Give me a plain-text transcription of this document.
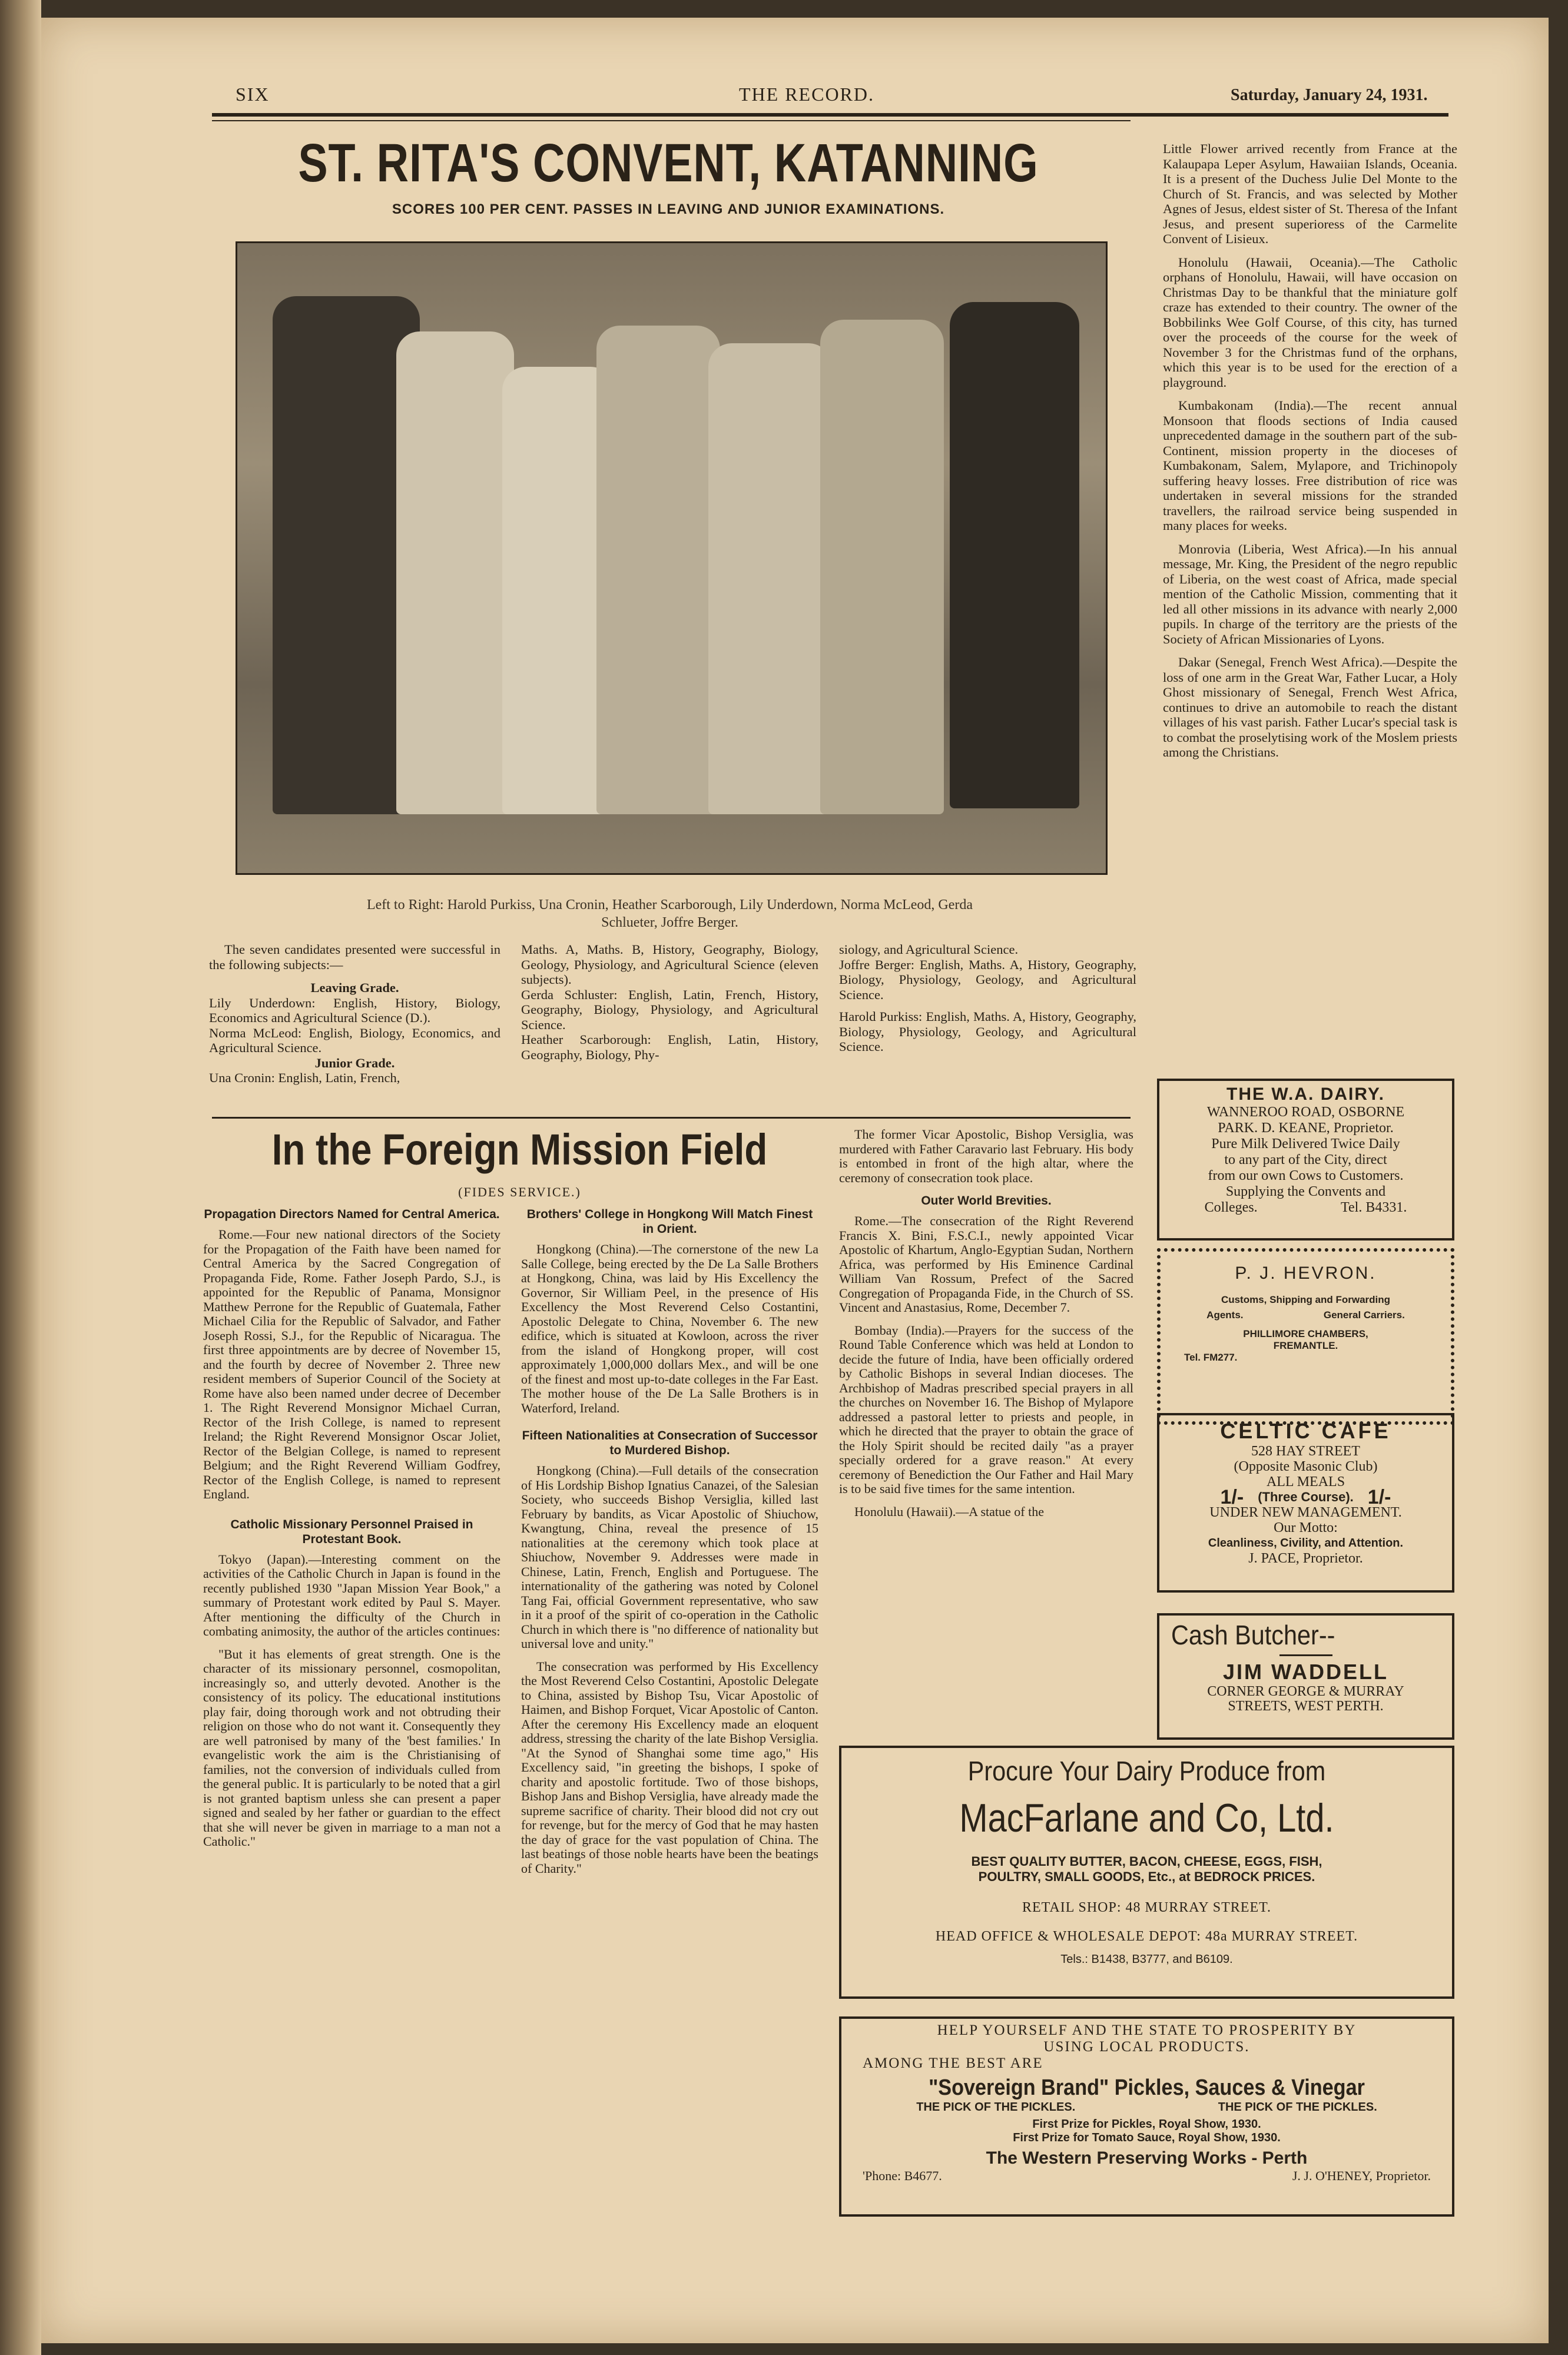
SIX	THE RECORD.	Saturday, January 24, 1931.
ST. RITA'S CONVENT, KATANNING
SCORES 100 PER CENT. PASSES IN LEAVING AND JUNIOR EXAMINATIONS.
Left to Right: Harold Purkiss, Una Cronin, Heather Scarborough, Lily Underdown, Norma McLeod, Gerda
Schlueter, Joffre Berger.

The seven candidates presented were successful in the following subjects:—

Leaving Grade.
Lily Underdown: English, History, Biology, Economics and Agricultural Science (D.).
Norma McLeod: English, Biology, Economics, and Agricultural Science.
Junior Grade.
Una Cronin: English, Latin, French,
Maths. A, Maths. B, History, Geography, Biology, Geology, Physiology, and Agricultural Science (eleven subjects).
Gerda Schluster: English, Latin, French, History, Geography, Biology, Physiology, and Agricultural Science.
Heather Scarborough: English, Latin, History, Geography, Biology, Phy-
siology, and Agricultural Science.
Joffre Berger: English, Maths. A, History, Geography, Biology, Physiology, Geology, and Agricultural Science.
Harold Purkiss: English, Maths. A, History, Geography, Biology, Physiology, Geology, and Agricultural Science.

Little Flower arrived recently from France at the Kalaupapa Leper Asylum, Hawaiian Islands, Oceania. It is a present of the Duchess Julie Del Monte to the Church of St. Francis, and was selected by Mother Agnes of Jesus, eldest sister of St. Theresa of the Infant Jesus, and present superioress of the Carmelite Convent of Lisieux.

Honolulu (Hawaii, Oceania).—The Catholic orphans of Honolulu, Hawaii, will have occasion on Christmas Day to be thankful that the miniature golf craze has extended to their country. The owner of the Bobbilinks Wee Golf Course, of this city, has turned over the proceeds of the course for the week of November 3 for the Christmas fund of the orphans, which this year is to be used for the erection of a playground.

Kumbakonam (India).—The recent annual Monsoon that floods sections of India caused unprecedented damage in the southern part of the sub-Continent, mission property in the dioceses of Kumbakonam, Salem, Mylapore, and Trichinopoly suffering heavy losses. Free distribution of rice was undertaken in several missions for the stranded travellers, the railroad service being suspended in many places for weeks.

Monrovia (Liberia, West Africa).—In his annual message, Mr. King, the President of the negro republic of Liberia, on the west coast of Africa, made special mention of the Catholic Mission, commenting that it led all other missions in its advance with nearly 2,000 pupils. In charge of the territory are the priests of the Society of African Missionaries of Lyons.

Dakar (Senegal, French West Africa).—Despite the loss of one arm in the Great War, Father Lucar, a Holy Ghost missionary of Senegal, French West Africa, continues to drive an automobile to reach the distant villages of his vast parish. Father Lucar's special task is to combat the proselytising work of the Moslem priests among the Christians.

In the Foreign Mission Field
(FIDES SERVICE.)
Propagation Directors Named for Central America.

Rome.—Four new national directors of the Society for the Propagation of the Faith have been named for Central America by the Sacred Congregation of Propaganda Fide, Rome. Father Joseph Pardo, S.J., is appointed for the Republic of Panama, Monsignor Matthew Perrone for the Republic of Guatemala, Father Michael Cilia for the Republic of Salvador, and Father Joseph Rossi, S.J., for the Republic of Nicaragua. The first three appointments are by decree of November 15, and the fourth by decree of November 2. Three new resident members of Superior Council of the Society at Rome have also been named under decree of December 1. The Right Reverend Monsignor Michael Curran, Rector of the Irish College, is named to represent Ireland; the Right Reverend Monsignor Oscar Joliet, Rector of the Belgian College, is named to represent Belgium; and the Right Reverend William Godfrey, Rector of the English College, is named to represent England.

Catholic Missionary Personnel Praised in Protestant Book.

Tokyo (Japan).—Interesting comment on the activities of the Catholic Church in Japan is found in the recently published 1930 "Japan Mission Year Book," a summary of Protestant work edited by Paul S. Mayer. After mentioning the difficulty of the Church in combating animosity, the author of the articles continues:

"But it has elements of great strength. One is the character of its missionary personnel, cosmopolitan, increasingly so, and utterly devoted. Another is the consistency of its policy. The educational institutions play fair, doing thorough work and not obtruding their religion on those who do not want it. Consequently they are well patronised by many of the 'best families.' In evangelistic work the aim is the Christianising of families, not the conversion of individuals culled from the general public. It is particularly to be noted that a girl is not granted baptism unless she can present a paper signed and sealed by her father or guardian to the effect that she will never be given in marriage to a man not a Catholic."

Brothers' College in Hongkong Will Match Finest in Orient.

Hongkong (China).—The cornerstone of the new La Salle College, being erected by the De La Salle Brothers at Hongkong, China, was laid by His Excellency the Governor, Sir William Peel, in the presence of His Excellency the Most Reverend Celso Costantini, Apostolic Delegate to China, November 6. The new edifice, which is situated at Kowloon, across the river from the island of Hongkong proper, will cost approximately 1,000,000 dollars Mex., and will be one of the finest and most up-to-date colleges in the Far East. The mother house of the De La Salle Brothers is in Waterford, Ireland.

Fifteen Nationalities at Consecration of Successor to Murdered Bishop.

Hongkong (China).—Full details of the consecration of His Lordship Bishop Ignatius Canazei, of the Salesian Society, who succeeds Bishop Versiglia, killed last February by bandits, as Vicar Apostolic of Shiuchow, Kwangtung, China, reveal the presence of 15 nationalities at the ceremony which took place at Shiuchow, November 9. Addresses were made in Chinese, Latin, French, English and Portuguese. The internationality of the gathering was noted by Colonel Tang Fai, official Government representative, who saw in it a proof of the spirit of co-operation in the Catholic Church in which there is "no difference of nationality but universal love and unity."

The consecration was performed by His Excellency the Most Reverend Celso Costantini, Apostolic Delegate to China, assisted by Bishop Tsu, Vicar Apostolic of Haimen, and Bishop Forquet, Vicar Apostolic of Canton. After the ceremony His Excellency made an eloquent address, stressing the charity of the late Bishop Versiglia. "At the Synod of Shanghai some time ago," His Excellency said, "in greeting the bishops, I spoke of charity and apostolic fortitude. Two of those bishops, Bishop Jans and Bishop Versiglia, have already made the supreme sacrifice of charity. Their blood did not cry out for revenge, but for the mercy of God that he may hasten the day of grace for the vast population of China. The last beatings of those noble hearts have been the beatings of Charity."

The former Vicar Apostolic, Bishop Versiglia, was murdered with Father Caravario last February. His body is entombed in front of the high altar, where the ceremony of consecration took place.

Outer World Brevities.

Rome.—The consecration of the Right Reverend Francis X. Bini, F.S.C.I., newly appointed Vicar Apostolic of Khartum, Anglo-Egyptian Sudan, Northern Africa, was performed by His Eminence Cardinal William Van Rossum, Prefect of the Sacred Congregation of Propaganda Fide, in the Church of SS. Vincent and Anastasius, Rome, December 7.

Bombay (India).—Prayers for the success of the Round Table Conference which was held at London to decide the future of India, have been officially ordered by Catholic Bishops in several Indian dioceses. The Archbishop of Madras prescribed special prayers in all the churches on November 16. The Bishop of Mylapore addressed a pastoral letter to priests and people, in which he directed that the prayer to obtain the grace of the Holy Spirit should be recited daily "as a prayer specially ordered for a grave reason." At every ceremony of Benediction the Our Father and Hail Mary is to be said five times for the same intention.

Honolulu (Hawaii).—A statue of the

THE W.A. DAIRY.
WANNEROO ROAD, OSBORNE
PARK. D. KEANE, Proprietor.
Pure Milk Delivered Twice Daily
to any part of the City, direct
from our own Cows to Customers.
Supplying the Convents and
Colleges.	Tel. B4331.
P. J. HEVRON.
Customs, Shipping and Forwarding
Agents.	General Carriers.
PHILLIMORE CHAMBERS,
FREMANTLE.
Tel. FM277.
CELTIC CAFE
528 HAY STREET
(Opposite Masonic Club)
ALL MEALS
1/- (Three Course). 1/-
UNDER NEW MANAGEMENT.
Our Motto:
Cleanliness, Civility, and Attention.
J. PACE, Proprietor.
Cash Butcher--
JIM WADDELL
CORNER GEORGE & MURRAY
STREETS, WEST PERTH.
Procure Your Dairy Produce from
MacFarlane and Co, Ltd.
BEST QUALITY BUTTER, BACON, CHEESE, EGGS, FISH,
POULTRY, SMALL GOODS, Etc., at BEDROCK PRICES.
RETAIL SHOP: 48 MURRAY STREET.
HEAD OFFICE & WHOLESALE DEPOT: 48a MURRAY STREET.
Tels.: B1438, B3777, and B6109.
HELP YOURSELF AND THE STATE TO PROSPERITY BY
USING LOCAL PRODUCTS.
AMONG THE BEST ARE
"Sovereign Brand" Pickles, Sauces & Vinegar
THE PICK OF THE PICKLES.	THE PICK OF THE PICKLES.
First Prize for Pickles, Royal Show, 1930.
First Prize for Tomato Sauce, Royal Show, 1930.
The Western Preserving Works - Perth
'Phone: B4677.	J. J. O'HENEY, Proprietor.
